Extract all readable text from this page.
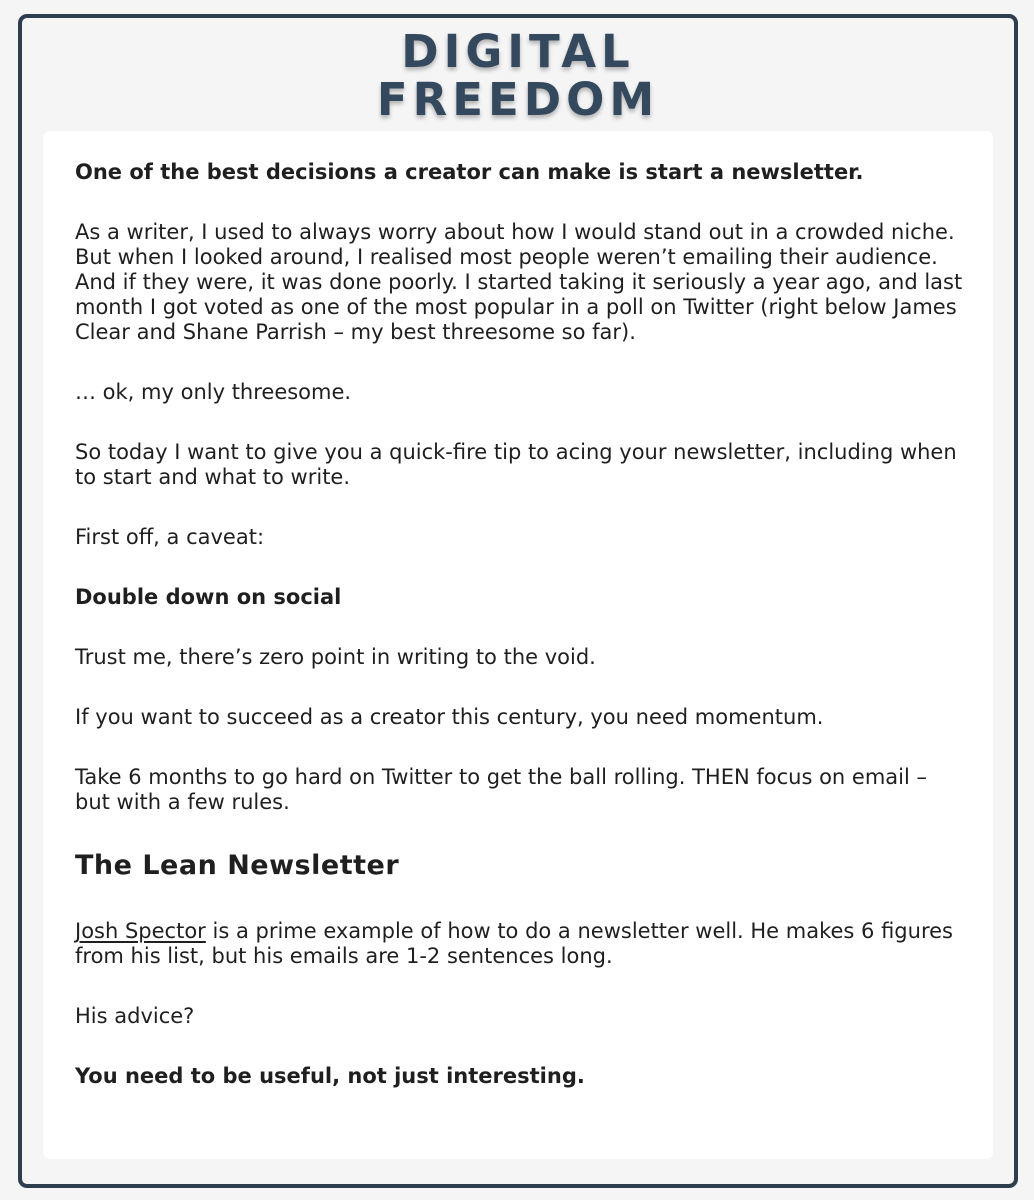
DIGITAL
FREEDOM

One of the best decisions a creator can make is start a newsletter.

As a writer, I used to always worry about how I would stand out in a crowded niche. But when I looked around, I realised most people weren’t emailing their audience. And if they were, it was done poorly. I started taking it seriously a year ago, and last month I got voted as one of the most popular in a poll on Twitter (right below James Clear and Shane Parrish – my best threesome so far).

… ok, my only threesome.

So today I want to give you a quick-fire tip to acing your newsletter, including when to start and what to write.

First off, a caveat:

Double down on social

Trust me, there’s zero point in writing to the void.

If you want to succeed as a creator this century, you need momentum.

Take 6 months to go hard on Twitter to get the ball rolling. THEN focus on email – but with a few rules.

The Lean Newsletter

Josh Spector is a prime example of how to do a newsletter well. He makes 6 figures from his list, but his emails are 1-2 sentences long.

His advice?

You need to be useful, not just interesting.
